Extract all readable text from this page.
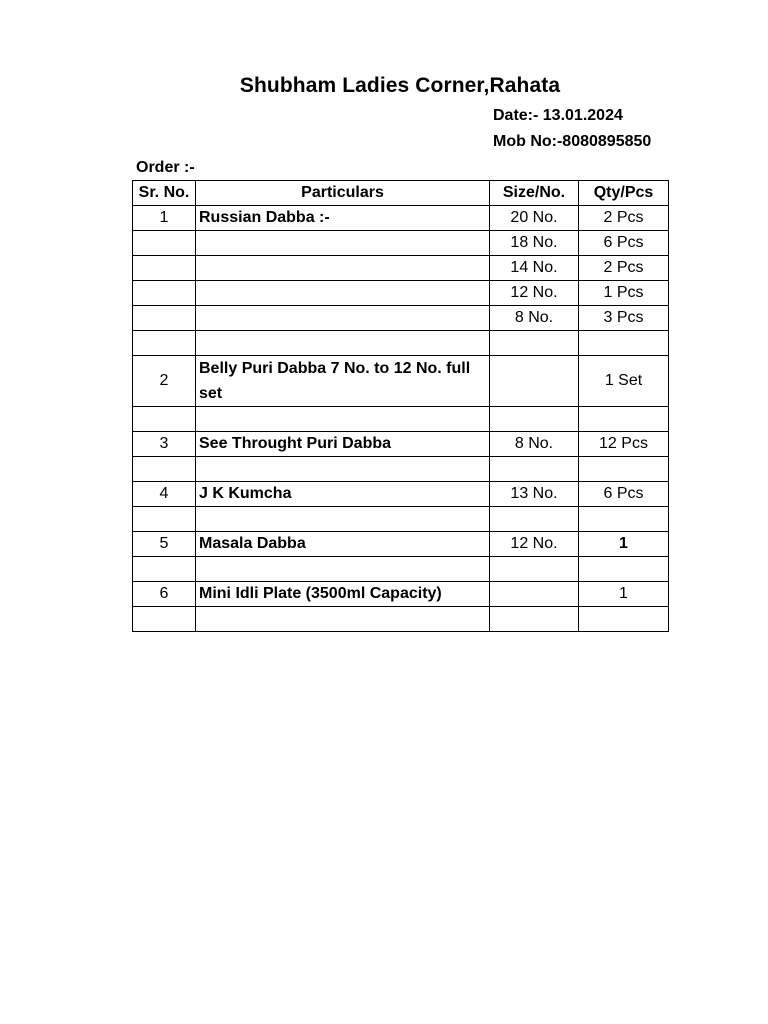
Shubham Ladies Corner,Rahata
Date:- 13.01.2024
Mob No:-8080895850
Order :-
Sr. No.	Particulars	Size/No.	Qty/Pcs
1	Russian Dabba :-	20 No.	2 Pcs
		18 No.	6 Pcs
		14 No.	2 Pcs
		12 No.	1 Pcs
		8 No.	3 Pcs

2	Belly Puri Dabba 7 No. to 12 No. full set		1 Set

3	See Throught Puri Dabba	8 No.	12 Pcs

4	J K Kumcha	13 No.	6 Pcs

5	Masala Dabba	12 No.	1

6	Mini Idli Plate (3500ml Capacity)		1
